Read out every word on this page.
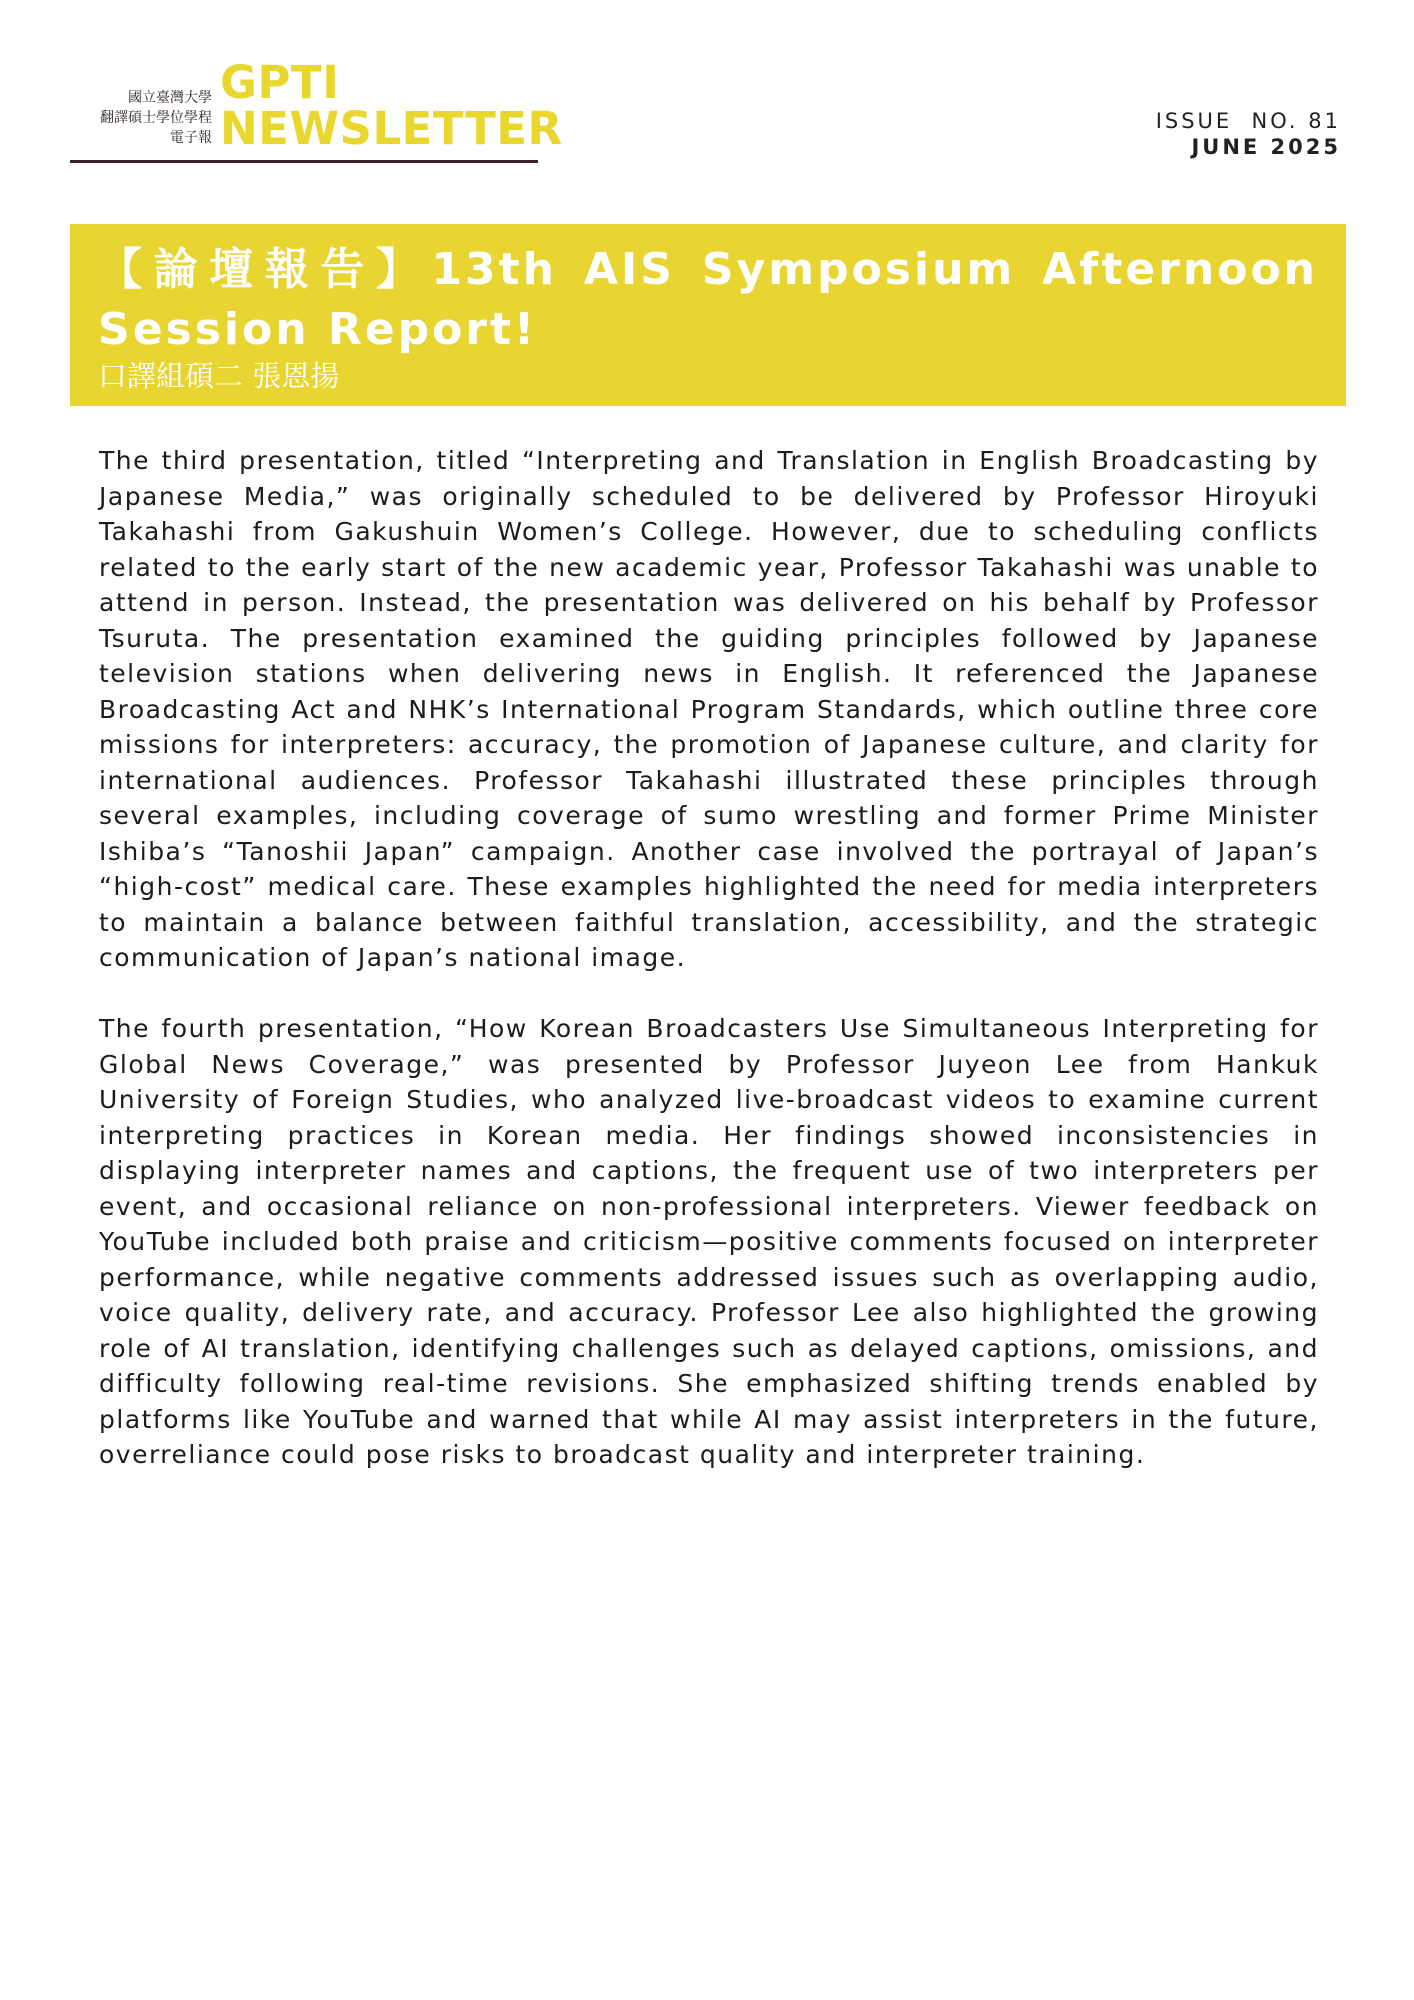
國立臺灣大學
翻譯碩士學位學程
電子報
GPTI
NEWSLETTER	ISSUE  NO. 81
JUNE 2025
【論壇報告】13th AIS Symposium Afternoon Session Report!
口譯組碩二 張恩揚

The third presentation, titled “Interpreting and Translation in English Broadcasting by Japanese Media,” was originally scheduled to be delivered by Professor Hiroyuki Takahashi from Gakushuin Women’s College. However, due to scheduling conflicts related to the early start of the new academic year, Professor Takahashi was unable to attend in person. Instead, the presentation was delivered on his behalf by Professor Tsuruta. The presentation examined the guiding principles followed by Japanese television stations when delivering news in English. It referenced the Japanese Broadcasting Act and NHK’s International Program Standards, which outline three core missions for interpreters: accuracy, the promotion of Japanese culture, and clarity for international audiences. Professor Takahashi illustrated these principles through several examples, including coverage of sumo wrestling and former Prime Minister Ishiba’s “Tanoshii Japan” campaign. Another case involved the portrayal of Japan’s “high-cost” medical care. These examples highlighted the need for media interpreters to maintain a balance between faithful translation, accessibility, and the strategic communication of Japan’s national image.

The fourth presentation, “How Korean Broadcasters Use Simultaneous Interpreting for Global News Coverage,” was presented by Professor Juyeon Lee from Hankuk University of Foreign Studies, who analyzed live-broadcast videos to examine current interpreting practices in Korean media. Her findings showed inconsistencies in displaying interpreter names and captions, the frequent use of two interpreters per event, and occasional reliance on non-professional interpreters. Viewer feedback on YouTube included both praise and criticism—positive comments focused on interpreter performance, while negative comments addressed issues such as overlapping audio, voice quality, delivery rate, and accuracy. Professor Lee also highlighted the growing role of AI translation, identifying challenges such as delayed captions, omissions, and difficulty following real-time revisions. She emphasized shifting trends enabled by platforms like YouTube and warned that while AI may assist interpreters in the future, overreliance could pose risks to broadcast quality and interpreter training.
